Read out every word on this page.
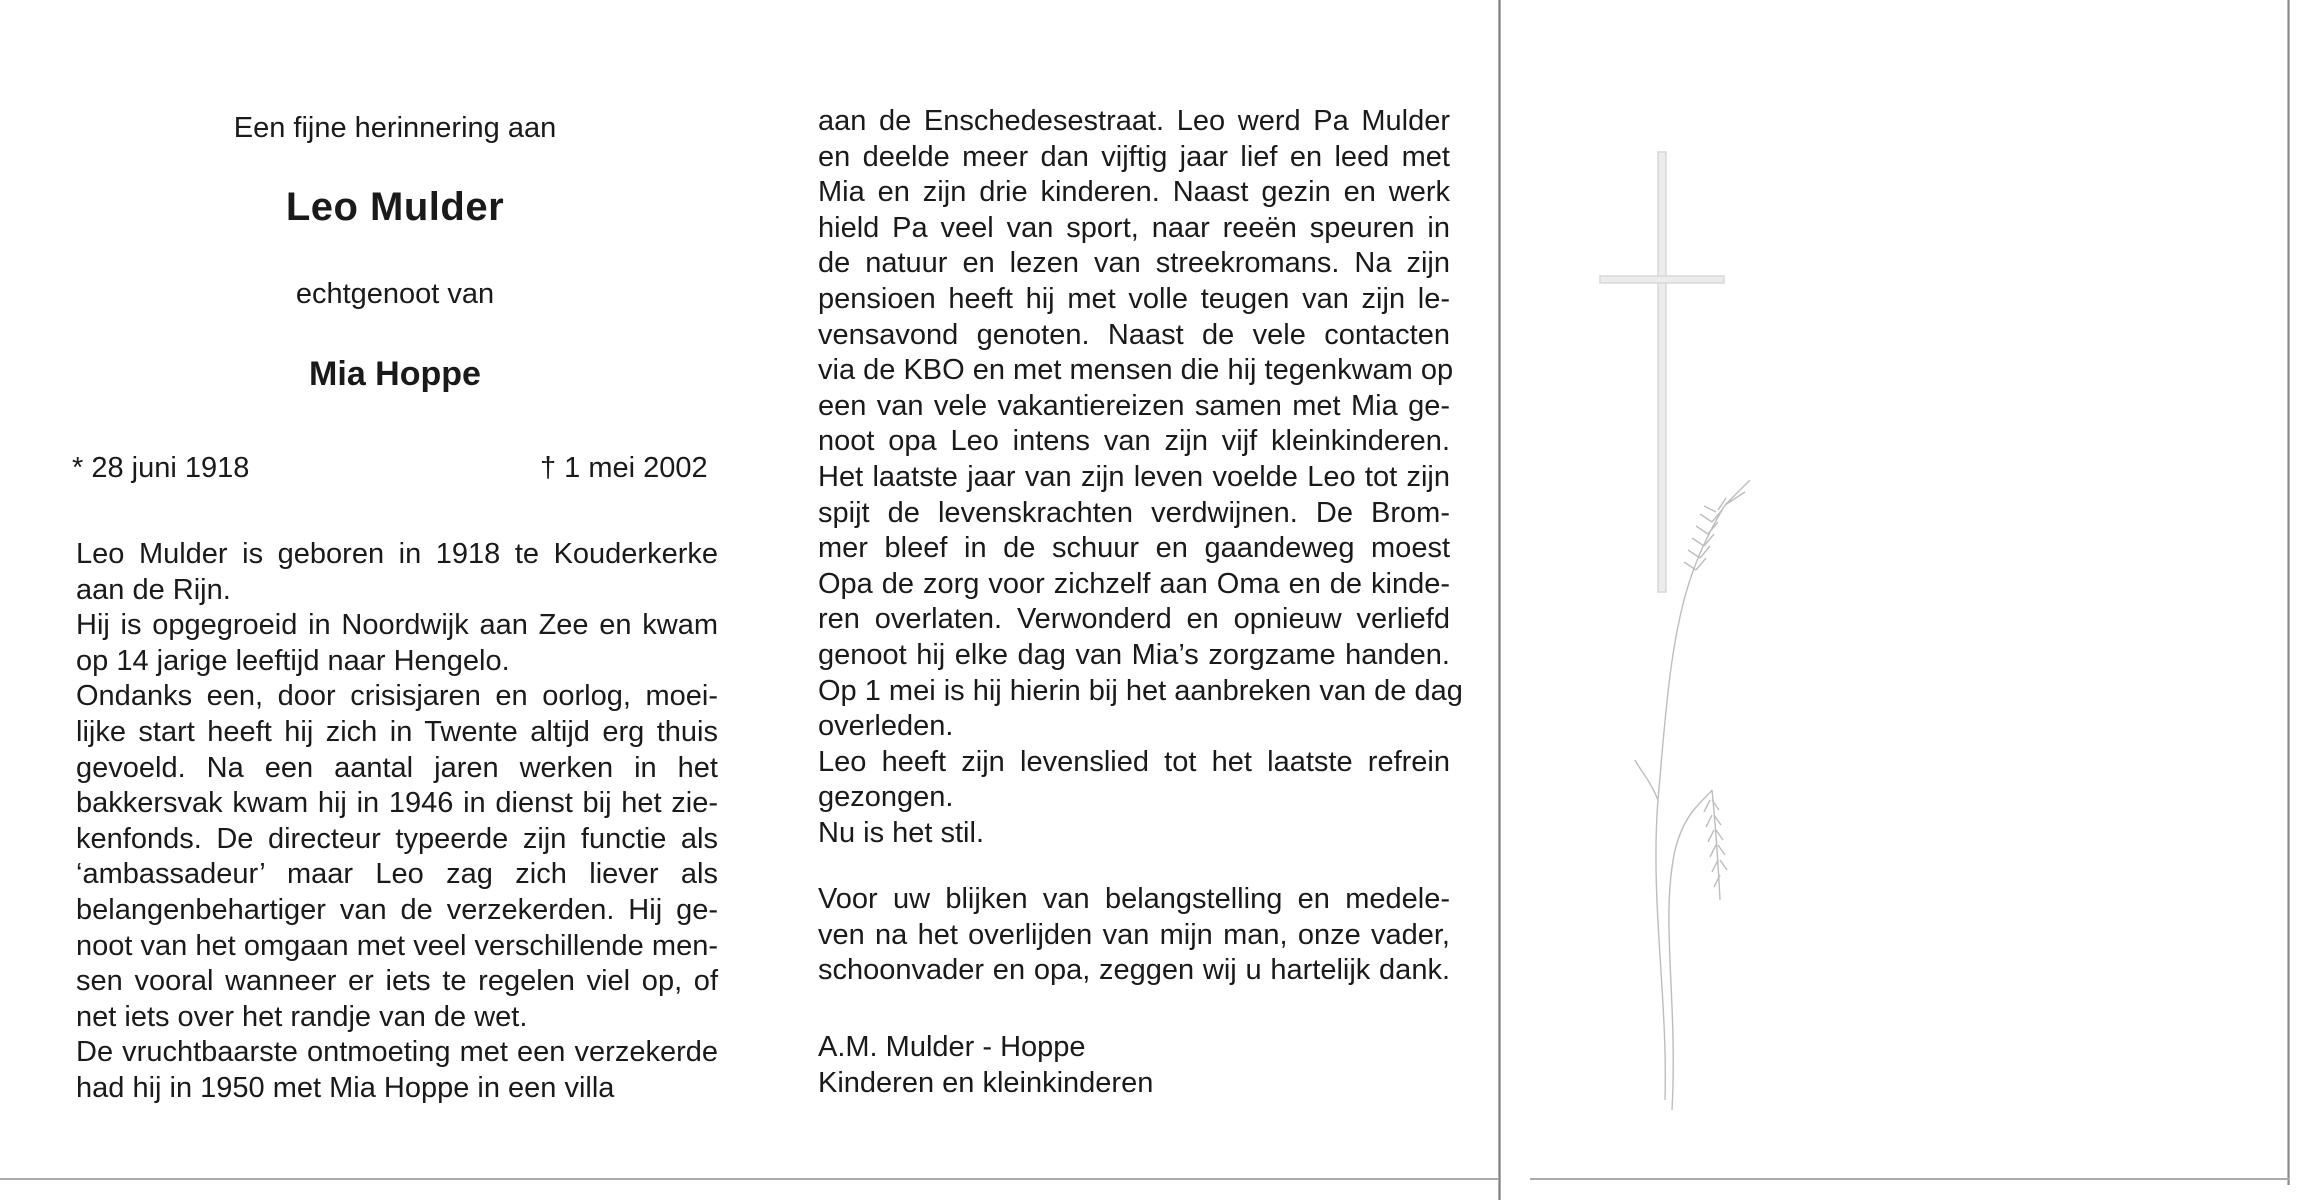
Een fijne herinnering aan
Leo Mulder
echtgenoot van
Mia Hoppe
* 28 juni 1918	† 1 mei 2002
Leo Mulder is geboren in 1918 te Kouderkerke
aan de Rijn.
Hij is opgegroeid in Noordwijk aan Zee en kwam
op 14 jarige leeftijd naar Hengelo.
Ondanks een, door crisisjaren en oorlog, moei-
lijke start heeft hij zich in Twente altijd erg thuis
gevoeld. Na een aantal jaren werken in het
bakkersvak kwam hij in 1946 in dienst bij het zie-
kenfonds. De directeur typeerde zijn functie als
‘ambassadeur’ maar Leo zag zich liever als
belangenbehartiger van de verzekerden. Hij ge-
noot van het omgaan met veel verschillende men-
sen vooral wanneer er iets te regelen viel op, of
net iets over het randje van de wet.
De vruchtbaarste ontmoeting met een verzekerde
had hij in 1950 met Mia Hoppe in een villa
aan de Enschedesestraat. Leo werd Pa Mulder
en deelde meer dan vijftig jaar lief en leed met
Mia en zijn drie kinderen. Naast gezin en werk
hield Pa veel van sport, naar reeën speuren in
de natuur en lezen van streekromans. Na zijn
pensioen heeft hij met volle teugen van zijn le-
vensavond genoten. Naast de vele contacten
via de KBO en met mensen die hij tegenkwam op
een van vele vakantiereizen samen met Mia ge-
noot opa Leo intens van zijn vijf kleinkinderen.
Het laatste jaar van zijn leven voelde Leo tot zijn
spijt de levenskrachten verdwijnen. De Brom-
mer bleef in de schuur en gaandeweg moest
Opa de zorg voor zichzelf aan Oma en de kinde-
ren overlaten. Verwonderd en opnieuw verliefd
genoot hij elke dag van Mia’s zorgzame handen.
Op 1 mei is hij hierin bij het aanbreken van de dag
overleden.
Leo heeft zijn levenslied tot het laatste refrein
gezongen.
Nu is het stil.
Voor uw blijken van belangstelling en medele-
ven na het overlijden van mijn man, onze vader,
schoonvader en opa, zeggen wij u hartelijk dank.
A.M. Mulder - Hoppe
Kinderen en kleinkinderen
